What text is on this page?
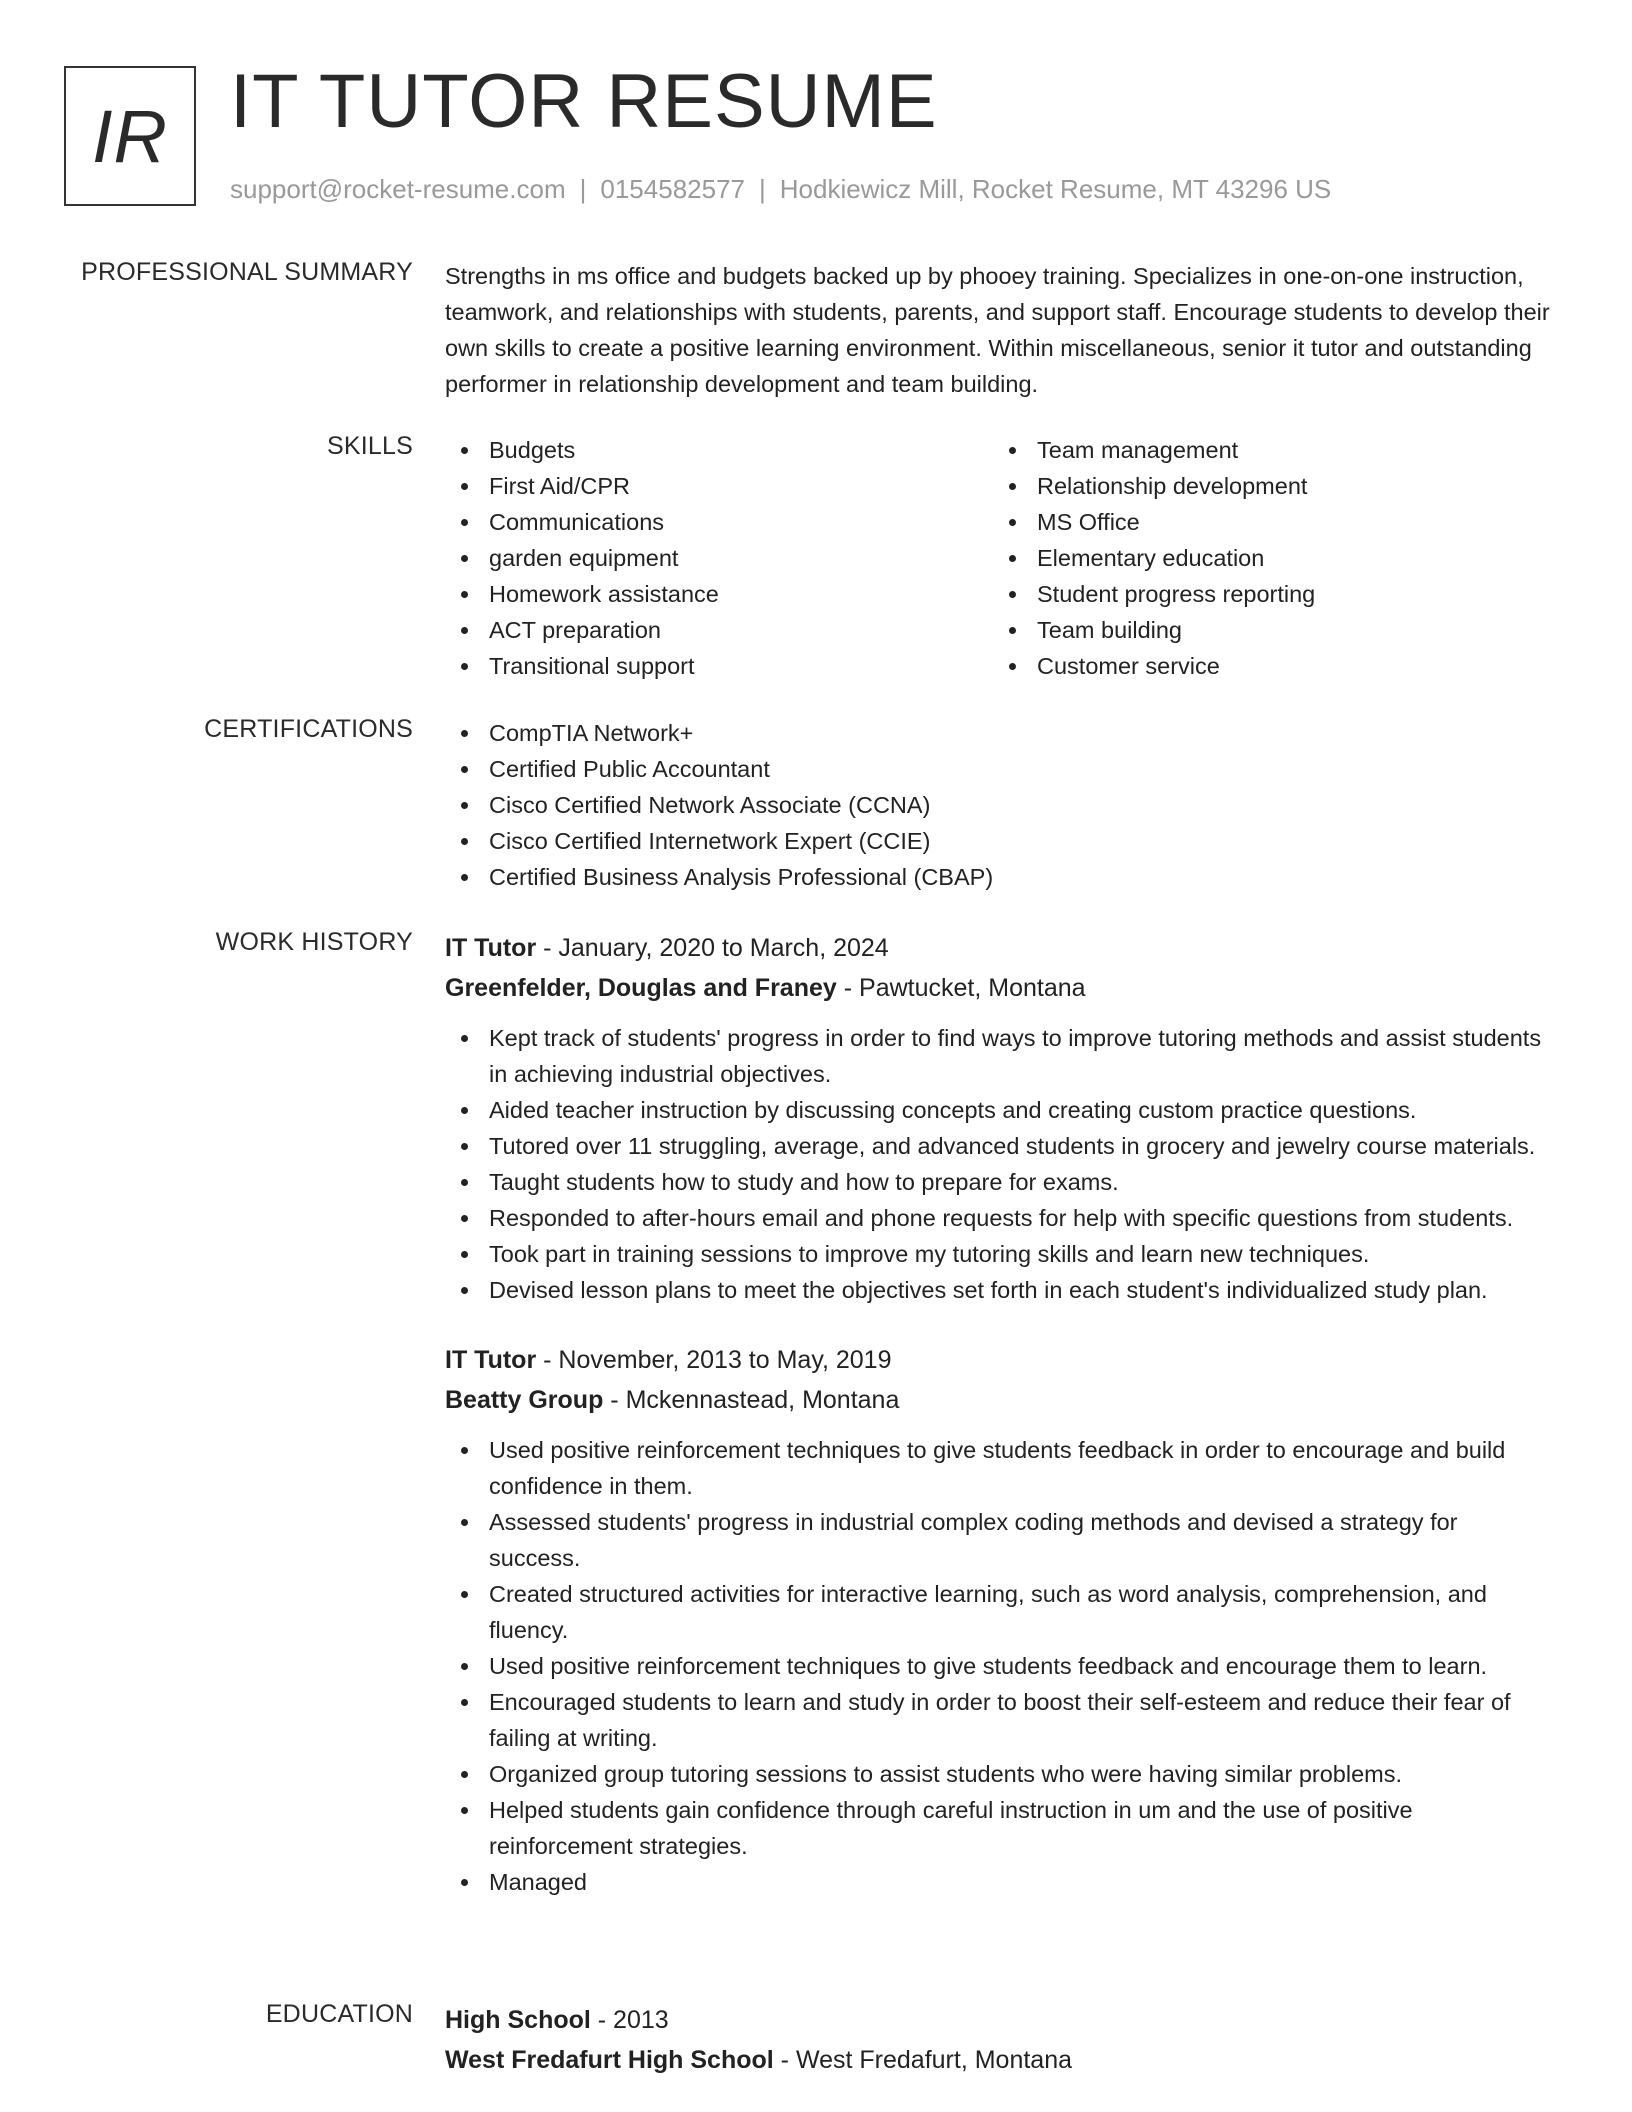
IR IT TUTOR RESUME
support@rocket-resume.com | 0154582577 | Hodkiewicz Mill, Rocket Resume, MT 43296 US
PROFESSIONAL SUMMARY Strengths in ms office and budgets backed up by phooey training. Specializes in one-on-one instruction, teamwork, and relationships with students, parents, and support staff. Encourage students to develop their own skills to create a positive learning environment. Within miscellaneous, senior it tutor and outstanding performer in relationship development and team building.
SKILLS	Budgets
First Aid/CPR
Communications
garden equipment
Homework assistance
ACT preparation
Transitional support
Team management
Relationship development
MS Office
Elementary education
Student progress reporting
Team building
Customer service
CERTIFICATIONS	CompTIA Network+
Certified Public Accountant
Cisco Certified Network Associate (CCNA)
Cisco Certified Internetwork Expert (CCIE)
Certified Business Analysis Professional (CBAP)
WORK HISTORY IT Tutor - January, 2020 to March, 2024
Greenfelder, Douglas and Franey - Pawtucket, Montana
Kept track of students' progress in order to find ways to improve tutoring methods and assist students in achieving industrial objectives.
Aided teacher instruction by discussing concepts and creating custom practice questions.
Tutored over 11 struggling, average, and advanced students in grocery and jewelry course materials.
Taught students how to study and how to prepare for exams.
Responded to after-hours email and phone requests for help with specific questions from students.
Took part in training sessions to improve my tutoring skills and learn new techniques.
Devised lesson plans to meet the objectives set forth in each student's individualized study plan.
IT Tutor - November, 2013 to May, 2019
Beatty Group - Mckennastead, Montana
Used positive reinforcement techniques to give students feedback in order to encourage and build confidence in them.
Assessed students' progress in industrial complex coding methods and devised a strategy for success.
Created structured activities for interactive learning, such as word analysis, comprehension, and fluency.
Used positive reinforcement techniques to give students feedback and encourage them to learn.
Encouraged students to learn and study in order to boost their self-esteem and reduce their fear of failing at writing.
Organized group tutoring sessions to assist students who were having similar problems.
Helped students gain confidence through careful instruction in um and the use of positive reinforcement strategies.
Managed
EDUCATION High School - 2013
West Fredafurt High School - West Fredafurt, Montana
